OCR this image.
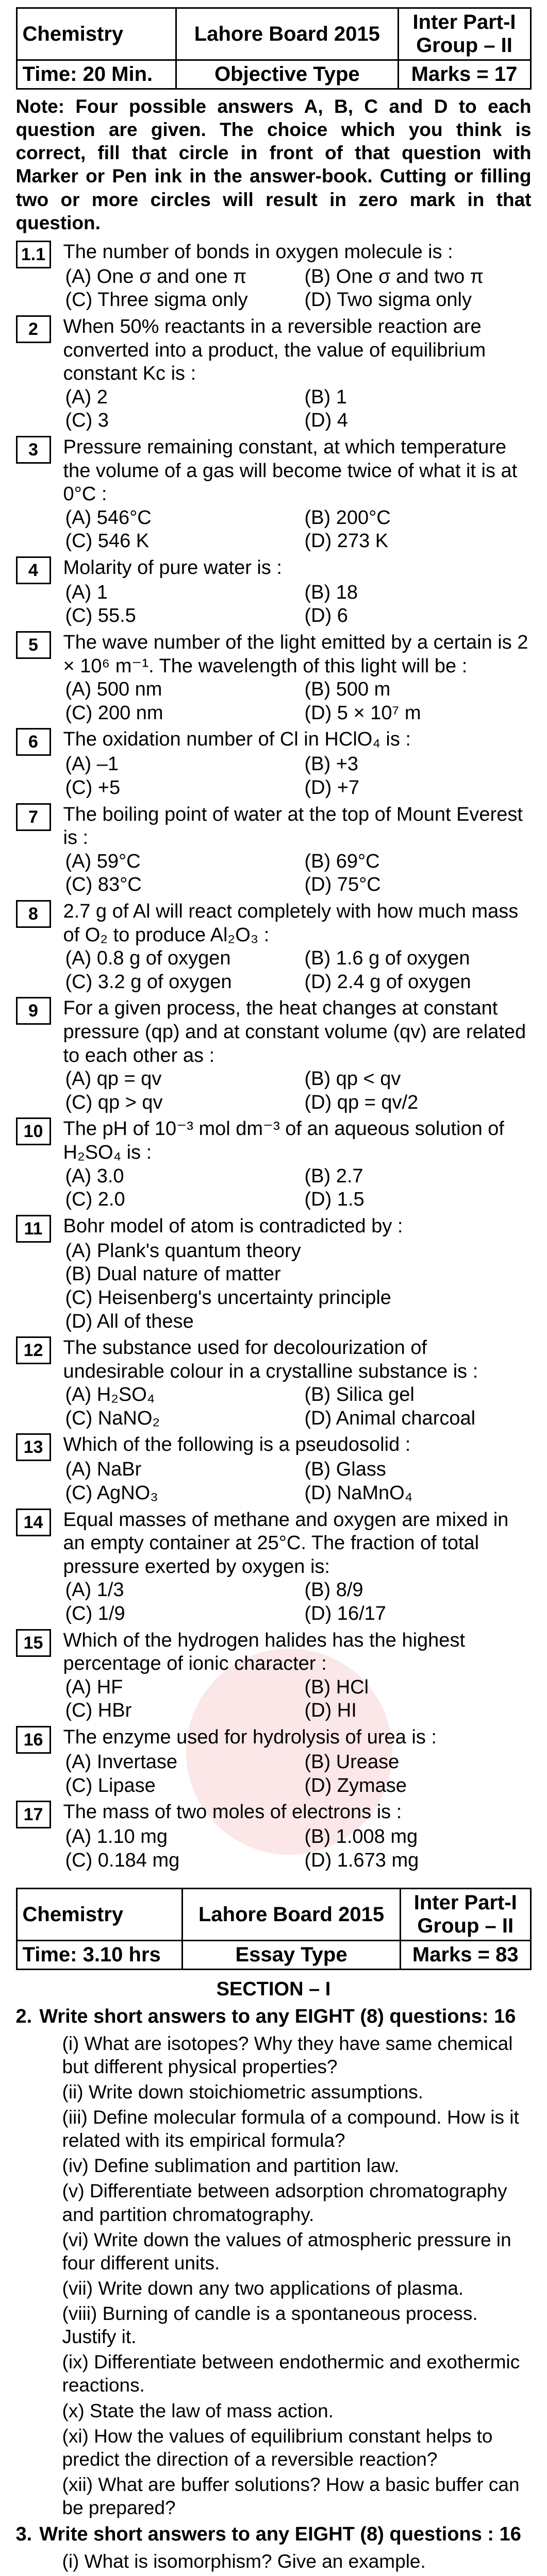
Chemistry	Lahore Board 2015	Inter Part-I
Group – II
Time: 20 Min.	Objective Type	Marks = 17
Note: Four possible answers A, B, C and D to each question are given. The choice which you think is correct, fill that circle in front of that question with Marker or Pen ink in the answer-book. Cutting or filling two or more circles will result in zero mark in that question.
1.1 The number of bonds in oxygen molecule is :
(A) One σ and one π	(B) One σ and two π
(C) Three sigma only	(D) Two sigma only
2	When 50% reactants in a reversible reaction are converted into a product, the value of equilibrium constant Kc is :
(A) 2	(B) 1
(C) 3	(D) 4
3	Pressure remaining constant, at which temperature the volume of a gas will become twice of what it is at 0°C :
(A) 546°C	(B) 200°C
(C) 546 K	(D) 273 K
4	Molarity of pure water is :
(A) 1	(B) 18
(C) 55.5	(D) 6
5	The wave number of the light emitted by a certain is 2 × 10⁶ m⁻¹. The wavelength of this light will be :
(A) 500 nm	(B) 500 m
(C) 200 nm	(D) 5 × 10⁷ m
6	The oxidation number of Cl in HClO₄ is :
(A) –1	(B) +3
(C) +5	(D) +7
7	The boiling point of water at the top of Mount Everest is :
(A) 59°C	(B) 69°C
(C) 83°C	(D) 75°C
8	2.7 g of Al will react completely with how much mass of O₂ to produce Al₂O₃ :
(A) 0.8 g of oxygen	(B) 1.6 g of oxygen
(C) 3.2 g of oxygen	(D) 2.4 g of oxygen
9	For a given process, the heat changes at constant pressure (qp) and at constant volume (qv) are related to each other as :
(A) qp = qv	(B) qp < qv
(C) qp > qv	(D) qp = qv/2
10	The pH of 10⁻³ mol dm⁻³ of an aqueous solution of H₂SO₄ is :
(A) 3.0	(B) 2.7
(C) 2.0	(D) 1.5
11	Bohr model of atom is contradicted by :
(A) Plank's quantum theory
(B) Dual nature of matter
(C) Heisenberg's uncertainty principle
(D) All of these
12	The substance used for decolourization of undesirable colour in a crystalline substance is :
(A) H₂SO₄	(B) Silica gel
(C) NaNO₂	(D) Animal charcoal
13	Which of the following is a pseudosolid :
(A) NaBr	(B) Glass
(C) AgNO₃	(D) NaMnO₄
14	Equal masses of methane and oxygen are mixed in an empty container at 25°C. The fraction of total pressure exerted by oxygen is:
(A) 1/3	(B) 8/9
(C) 1/9	(D) 16/17
15	Which of the hydrogen halides has the highest percentage of ionic character :
(A) HF	(B) HCl
(C) HBr	(D) HI
16	The enzyme used for hydrolysis of urea is :
(A) Invertase	(B) Urease
(C) Lipase	(D) Zymase
17	The mass of two moles of electrons is :
(A) 1.10 mg	(B) 1.008 mg
(C) 0.184 mg	(D) 1.673 mg
Chemistry	Lahore Board 2015	Inter Part-I
Group – II
Time: 3.10 hrs	Essay Type	Marks = 83
SECTION – I
2. Write short answers to any EIGHT (8) questions: 16
(i) What are isotopes? Why they have same chemical but different physical properties?
(ii) Write down stoichiometric assumptions.
(iii) Define molecular formula of a compound. How is it related with its empirical formula?
(iv) Define sublimation and partition law.
(v) Differentiate between adsorption chromatography and partition chromatography.
(vi) Write down the values of atmospheric pressure in four different units.
(vii) Write down any two applications of plasma.
(viii) Burning of candle is a spontaneous process. Justify it.
(ix) Differentiate between endothermic and exothermic reactions.
(x) State the law of mass action.
(xi) How the values of equilibrium constant helps to predict the direction of a reversible reaction?
(xii) What are buffer solutions? How a basic buffer can be prepared?
3. Write short answers to any EIGHT (8) questions : 16
(i) What is isomorphism? Give an example.
